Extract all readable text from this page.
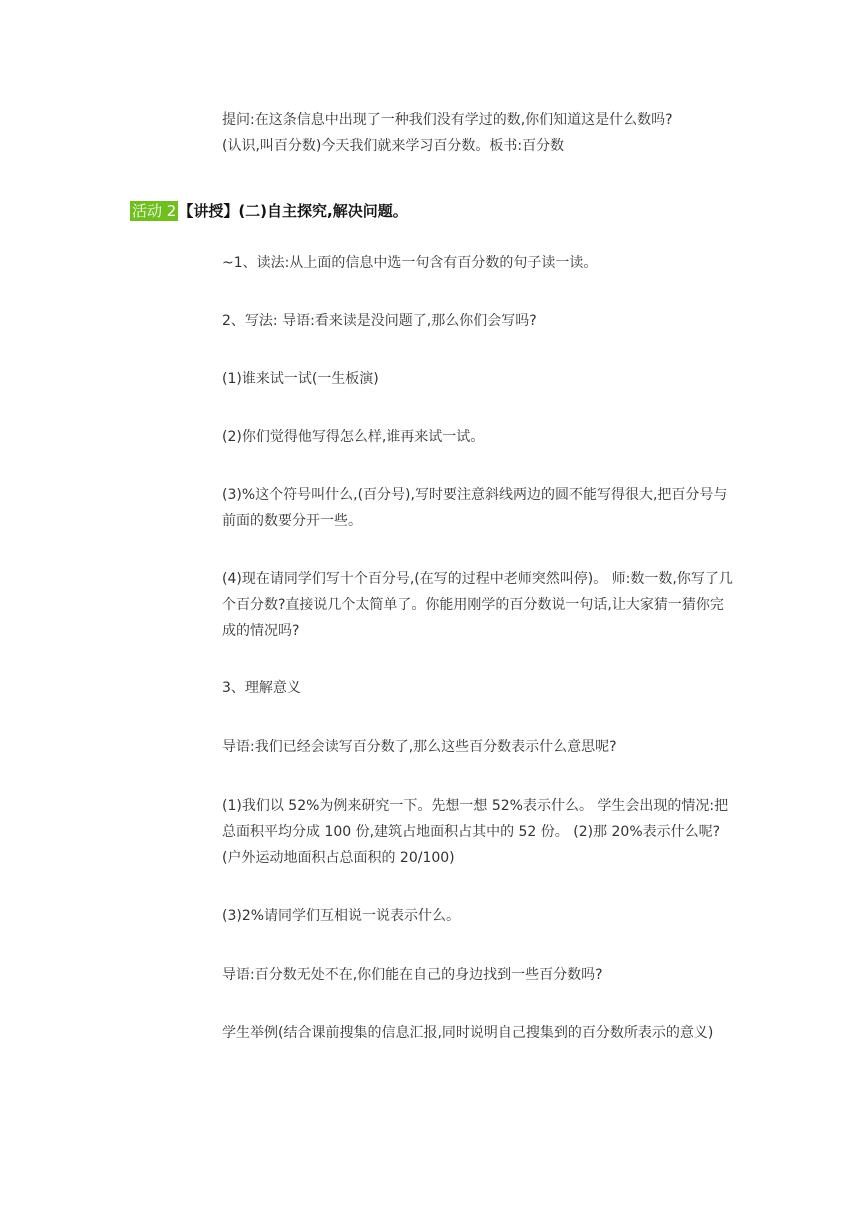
提问:在这条信息中出现了一种我们没有学过的数,你们知道这是什么数吗?
(认识,叫百分数)今天我们就来学习百分数。板书:百分数
活动 2 【讲授】(二)自主探究,解决问题。
~1、读法:从上面的信息中选一句含有百分数的句子读一读。
2、写法: 导语:看来读是没问题了,那么你们会写吗?
(1)谁来试一试(一生板演)
(2)你们觉得他写得怎么样,谁再来试一试。
(3)%这个符号叫什么,(百分号),写时要注意斜线两边的圆不能写得很大,把百分号与前面的数要分开一些。
(4)现在请同学们写十个百分号,(在写的过程中老师突然叫停)。 师:数一数,你写了几个百分数?直接说几个太简单了。你能用刚学的百分数说一句话,让大家猜一猜你完成的情况吗?
3、理解意义
导语:我们已经会读写百分数了,那么这些百分数表示什么意思呢?
(1)我们以 52%为例来研究一下。先想一想 52%表示什么。 学生会出现的情况:把总面积平均分成 100 份,建筑占地面积占其中的 52 份。 (2)那 20%表示什么呢?(户外运动地面积占总面积的 20/100)
(3)2%请同学们互相说一说表示什么。
导语:百分数无处不在,你们能在自己的身边找到一些百分数吗?
学生举例(结合课前搜集的信息汇报,同时说明自己搜集到的百分数所表示的意义)
